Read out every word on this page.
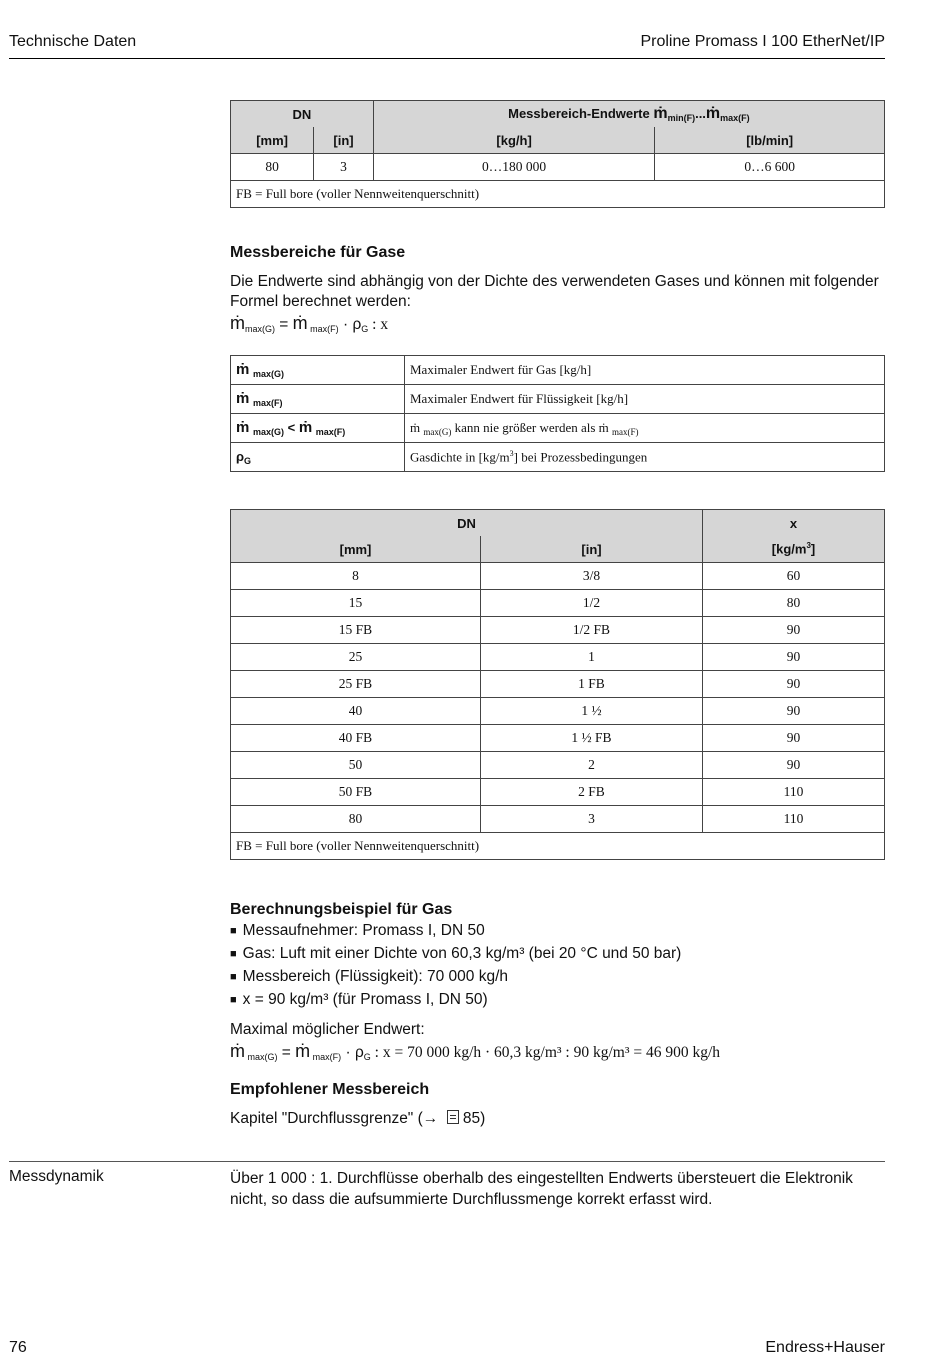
Technische Daten	Proline Promass I 100 EtherNet/IP
DN		Messbereich-Endwerte ṁ$_{min(F)}$...ṁ$_{max(F)}$
[mm]	[in]	[kg/h]	[lb/min]
80	3	0…180 000	0…6 600
FB = Full bore (voller Nennweitenquerschnitt)			
Messbereiche für Gase

Die Endwerte sind abhängig von der Dichte des verwendeten Gases und können mit folgender Formel berechnet werden:

ṁ$_{max(G)}$ = ṁ $_{max(F)} \cdot \rho_G$ : x

ṁ $_{max(G)}$	Maximaler Endwert für Gas [kg/h]
ṁ $_{max(F)}$	Maximaler Endwert für Flüssigkeit [kg/h]
ṁ $_{max(G)}$ < ṁ $_{max(F)}$	ṁ $_{max(G)}$ kann nie größer werden als ṁ $_{max(F)}$
$\rho_G$	Gasdichte in $[kg/m^3]$ bei Prozessbedingungen
DN		x
[mm]	[in]	$[kg/m^3]$
8	3/8	60
15	1/2	80
15 FB	1/2 FB	90
25	1	90
25 FB	1 FB	90
40	1 ½	90
40 FB	1 ½ FB	90
50	2	90
50 FB	2 FB	110
80	3	110
FB = Full bore (voller Nennweitenquerschnitt)		
Berechnungsbeispiel für Gas
■ Messaufnehmer: Promass I, DN 50
■ Gas: Luft mit einer Dichte von 60,3 kg/m³ (bei 20 °C und 50 bar)
■ Messbereich (Flüssigkeit): 70 000 kg/h
■ x = 90 kg/m³ (für Promass I, DN 50)

Maximal möglicher Endwert:

ṁ $_{max(G)}$ = ṁ $_{max(F)} \cdot \rho_G$ : x = 70 000 kg/h · 60,3 kg/m³ : 90 kg/m³ = 46 900 kg/h

Empfohlener Messbereich

Kapitel "Durchflussgrenze" (→  85)

Messdynamik	Über 1 000 : 1. Durchflüsse oberhalb des eingestellten Endwerts übersteuert die Elektronik nicht, so dass die aufsummierte Durchflussmenge korrekt erfasst wird.
76	Endress+Hauser
